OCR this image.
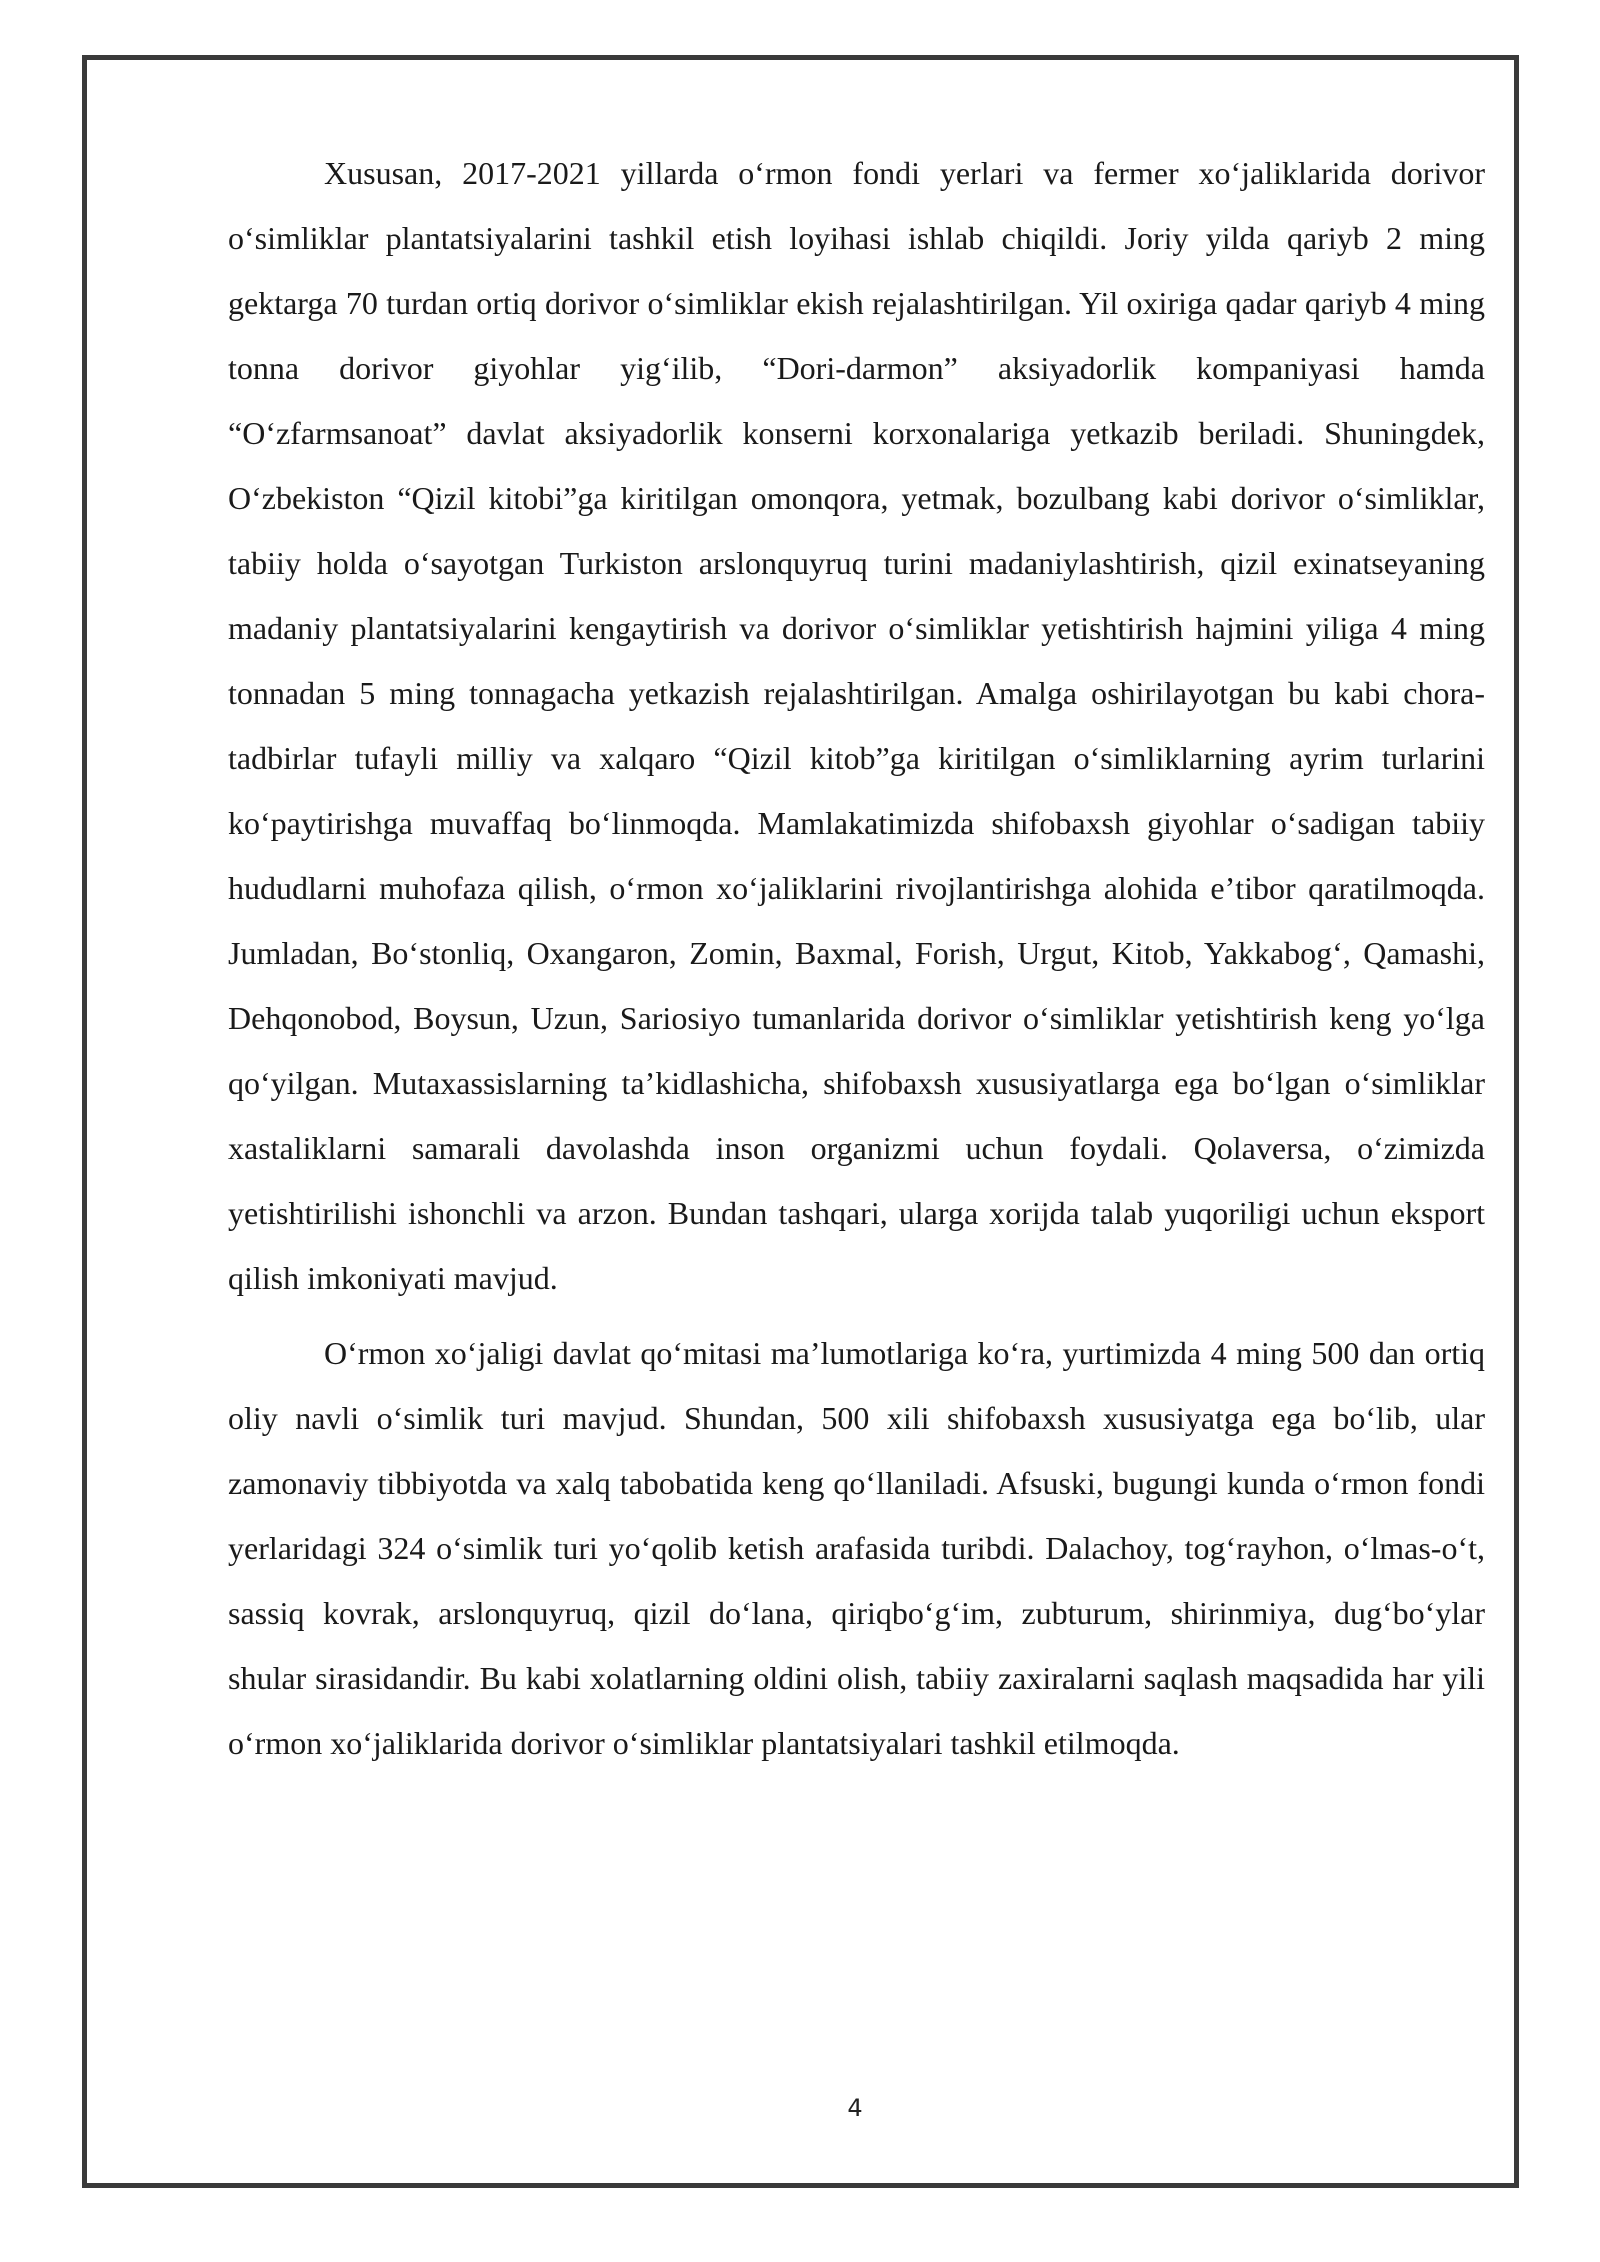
Xususan, 2017-2021 yillarda oʻrmon fondi yerlari va fermer xoʻjaliklarida dorivor oʻsimliklar plantatsiyalarini tashkil etish loyihasi ishlab chiqildi. Joriy yilda qariyb 2 ming gektarga 70 turdan ortiq dorivor oʻsimliklar ekish rejalashtirilgan. Yil oxiriga qadar qariyb 4 ming tonna dorivor giyohlar yigʻilib, “Dori-darmon” aksiyadorlik kompaniyasi hamda “Oʻzfarmsanoat” davlat aksiyadorlik konserni korxonalariga yetkazib beriladi. Shuningdek, Oʻzbekiston “Qizil kitobi”ga kiritilgan omonqora, yetmak, bozulbang kabi dorivor oʻsimliklar, tabiiy holda oʻsayotgan Turkiston arslonquyruq turini madaniylashtirish, qizil exinatseyaning madaniy plantatsiyalarini kengaytirish va dorivor oʻsimliklar yetishtirish hajmini yiliga 4 ming tonnadan 5 ming tonnagacha yetkazish rejalashtirilgan. Amalga oshirilayotgan bu kabi chora-tadbirlar tufayli milliy va xalqaro “Qizil kitob”ga kiritilgan oʻsimliklarning ayrim turlarini koʻpaytirishga muvaffaq boʻlinmoqda. Mamlakatimizda shifobaxsh giyohlar oʻsadigan tabiiy hududlarni muhofaza qilish, oʻrmon xoʻjaliklarini rivojlantirishga alohida eʼtibor qaratilmoqda. Jumladan, Boʻstonliq, Oxangaron, Zomin, Baxmal, Forish, Urgut, Kitob, Yakkabogʻ, Qamashi, Dehqonobod, Boysun, Uzun, Sariosiyo tumanlarida dorivor oʻsimliklar yetishtirish keng yoʻlga qoʻyilgan. Mutaxassislarning taʼkidlashicha, shifobaxsh xususiyatlarga ega boʻlgan oʻsimliklar xastaliklarni samarali davolashda inson organizmi uchun foydali. Qolaversa, oʻzimizda yetishtirilishi ishonchli va arzon. Bundan tashqari, ularga xorijda talab yuqoriligi uchun eksport qilish imkoniyati mavjud.

Oʻrmon xoʻjaligi davlat qoʻmitasi maʼlumotlariga koʻra, yurtimizda 4 ming 500 dan ortiq oliy navli oʻsimlik turi mavjud. Shundan, 500 xili shifobaxsh xususiyatga ega boʻlib, ular zamonaviy tibbiyotda va xalq tabobatida keng qoʻllaniladi. Afsuski, bugungi kunda oʻrmon fondi yerlaridagi 324 oʻsimlik turi yoʻqolib ketish arafasida turibdi. Dalachoy, togʻrayhon, oʻlmas-oʻt, sassiq kovrak, arslonquyruq, qizil doʻlana, qiriqboʻgʻim, zubturum, shirinmiya, dugʻboʻylar shular sirasidandir. Bu kabi xolatlarning oldini olish, tabiiy zaxiralarni saqlash maqsadida har yili oʻrmon xoʻjaliklarida dorivor oʻsimliklar plantatsiyalari tashkil etilmoqda.

4
